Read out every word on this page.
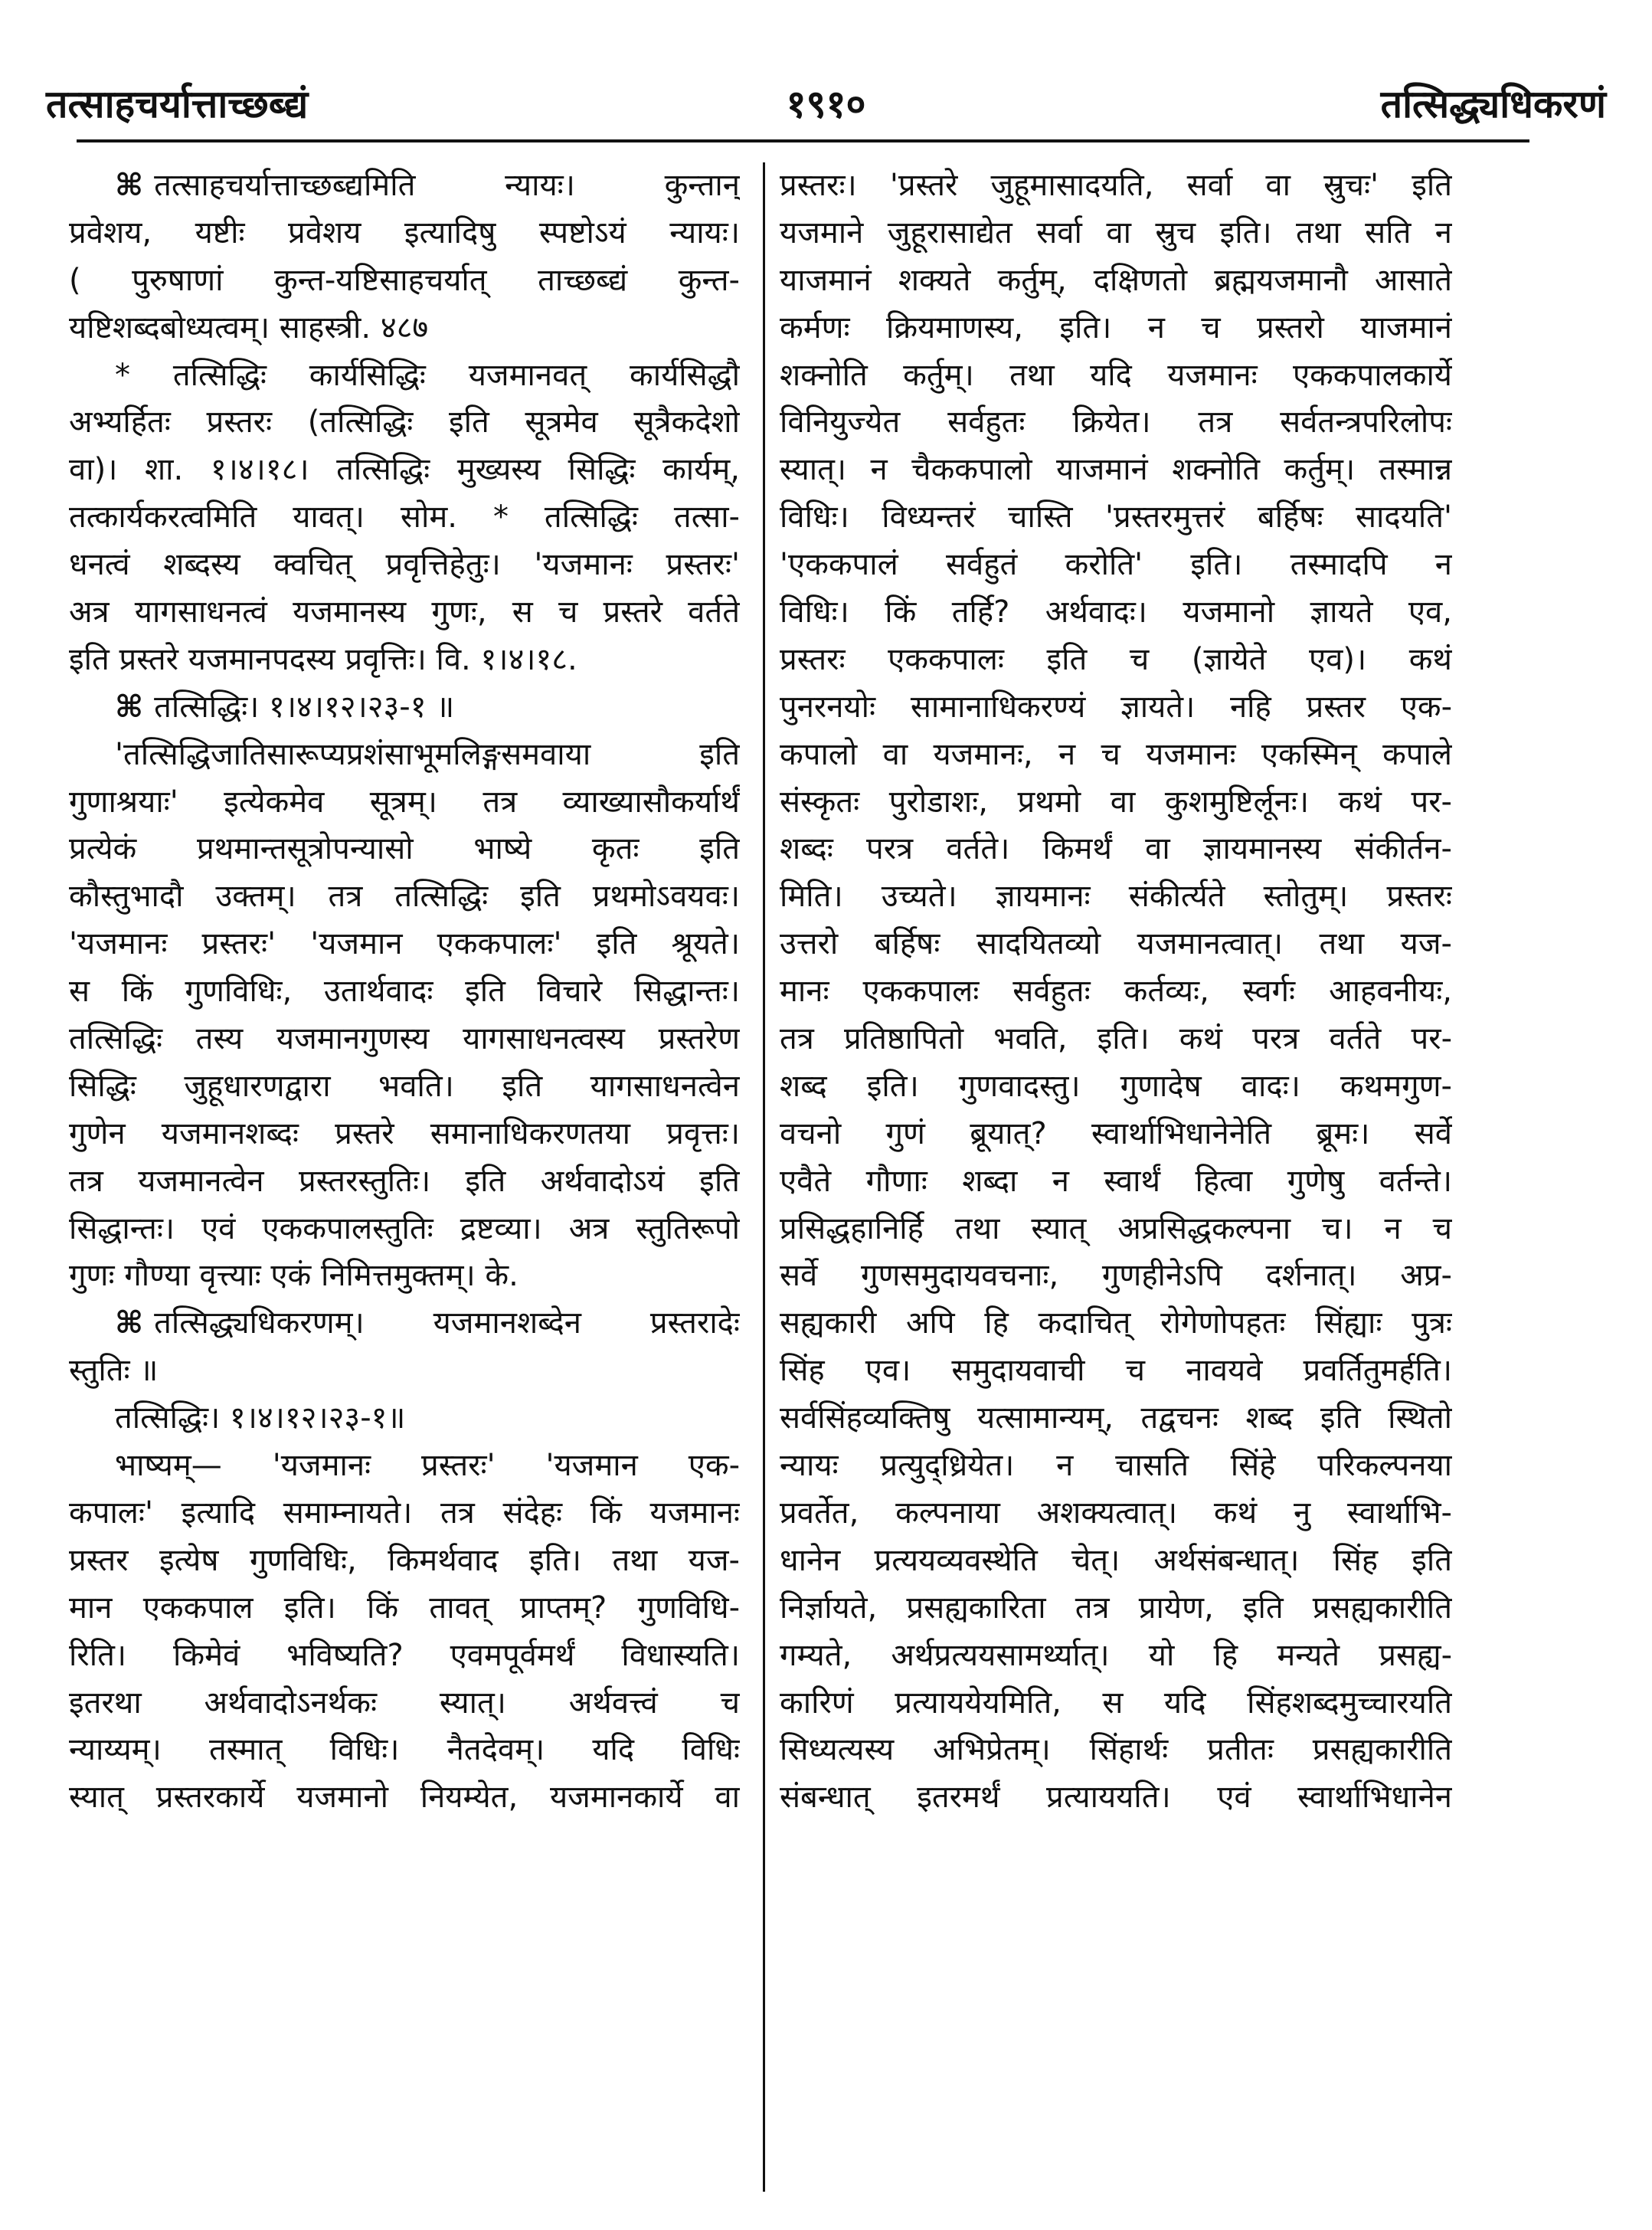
१९१०
तत्साहचर्यात्ताच्छब्द्यं	तत्सिद्ध्यधिकरणं
⌘ तत्साहचर्यात्ताच्छब्द्यमिति न्यायः। कुन्तान्
प्रवेशय, यष्टीः प्रवेशय इत्यादिषु स्पष्टोऽयं न्यायः।
( पुरुषाणां कुन्त-यष्टिसाहचर्यात् ताच्छब्द्यं कुन्त-
यष्टिशब्दबोध्यत्वम्। साहस्त्री. ४८७
* तत्सिद्धिः कार्यसिद्धिः यजमानवत् कार्यसिद्धौ
अभ्यर्हितः प्रस्तरः (तत्सिद्धिः इति सूत्रमेव सूत्रैकदेशो
वा)। शा. १।४।१८। तत्सिद्धिः मुख्यस्य सिद्धिः कार्यम्,
तत्कार्यकरत्वमिति यावत्। सोम. * तत्सिद्धिः तत्सा-
धनत्वं शब्दस्य क्वचित् प्रवृत्तिहेतुः। 'यजमानः प्रस्तरः'
अत्र यागसाधनत्वं यजमानस्य गुणः, स च प्रस्तरे वर्तते
इति प्रस्तरे यजमानपदस्य प्रवृत्तिः। वि. १।४।१८.
⌘ तत्सिद्धिः। १।४।१२।२३-१ ॥
'तत्सिद्धिजातिसारूप्यप्रशंसाभूमलिङ्गसमवाया इति
गुणाश्रयाः' इत्येकमेव सूत्रम्। तत्र व्याख्यासौकर्यार्थं
प्रत्येकं प्रथमान्तसूत्रोपन्यासो भाष्ये कृतः इति
कौस्तुभादौ उक्तम्। तत्र तत्सिद्धिः इति प्रथमोऽवयवः।
'यजमानः प्रस्तरः' 'यजमान एककपालः' इति श्रूयते।
स किं गुणविधिः, उतार्थवादः इति विचारे सिद्धान्तः।
तत्सिद्धिः तस्य यजमानगुणस्य यागसाधनत्वस्य प्रस्तरेण
सिद्धिः जुहूधारणद्वारा भवति। इति यागसाधनत्वेन
गुणेन यजमानशब्दः प्रस्तरे समानाधिकरणतया प्रवृत्तः।
तत्र यजमानत्वेन प्रस्तरस्तुतिः। इति अर्थवादोऽयं इति
सिद्धान्तः। एवं एककपालस्तुतिः द्रष्टव्या। अत्र स्तुतिरूपो
गुणः गौण्या वृत्त्याः एकं निमित्तमुक्तम्। के.
⌘ तत्सिद्ध्यधिकरणम्। यजमानशब्देन प्रस्तरादेः
स्तुतिः ॥
तत्सिद्धिः। १।४।१२।२३-१॥
भाष्यम्— 'यजमानः प्रस्तरः' 'यजमान एक-
कपालः' इत्यादि समाम्नायते। तत्र संदेहः किं यजमानः
प्रस्तर इत्येष गुणविधिः, किमर्थवाद इति। तथा यज-
मान एककपाल इति। किं तावत् प्राप्तम्? गुणविधि-
रिति। किमेवं भविष्यति? एवमपूर्वमर्थं विधास्यति।
इतरथा अर्थवादोऽनर्थकः स्यात्। अर्थवत्त्वं च
न्याय्यम्। तस्मात् विधिः। नैतदेवम्। यदि विधिः
स्यात् प्रस्तरकार्ये यजमानो नियम्येत, यजमानकार्ये वा
प्रस्तरः। 'प्रस्तरे जुहूमासादयति, सर्वा वा स्रुचः' इति
यजमाने जुहूरासाद्येत सर्वा वा स्रुच इति। तथा सति न
याजमानं शक्यते कर्तुम्, दक्षिणतो ब्रह्मयजमानौ आसाते
कर्मणः क्रियमाणस्य, इति। न च प्रस्तरो याजमानं
शक्नोति कर्तुम्। तथा यदि यजमानः एककपालकार्ये
विनियुज्येत सर्वहुतः क्रियेत। तत्र सर्वतन्त्रपरिलोपः
स्यात्। न चैककपालो याजमानं शक्नोति कर्तुम्। तस्मान्न
विधिः। विध्यन्तरं चास्ति 'प्रस्तरमुत्तरं बर्हिषः सादयति'
'एककपालं सर्वहुतं करोति' इति। तस्मादपि न
विधिः। किं तर्हि? अर्थवादः। यजमानो ज्ञायते एव,
प्रस्तरः एककपालः इति च (ज्ञायेते एव)। कथं
पुनरनयोः सामानाधिकरण्यं ज्ञायते। नहि प्रस्तर एक-
कपालो वा यजमानः, न च यजमानः एकस्मिन् कपाले
संस्कृतः पुरोडाशः, प्रथमो वा कुशमुष्टिर्लूनः। कथं पर-
शब्दः परत्र वर्तते। किमर्थं वा ज्ञायमानस्य संकीर्तन-
मिति। उच्यते। ज्ञायमानः संकीर्त्यते स्तोतुम्। प्रस्तरः
उत्तरो बर्हिषः सादयितव्यो यजमानत्वात्। तथा यज-
मानः एककपालः सर्वहुतः कर्तव्यः, स्वर्गः आहवनीयः,
तत्र प्रतिष्ठापितो भवति, इति। कथं परत्र वर्तते पर-
शब्द इति। गुणवादस्तु। गुणादेष वादः। कथमगुण-
वचनो गुणं ब्रूयात्? स्वार्थाभिधानेनेति ब्रूमः। सर्वे
एवैते गौणाः शब्दा न स्वार्थं हित्वा गुणेषु वर्तन्ते।
प्रसिद्धहानिर्हि तथा स्यात् अप्रसिद्धकल्पना च। न च
सर्वे गुणसमुदायवचनाः, गुणहीनेऽपि दर्शनात्। अप्र-
सह्यकारी अपि हि कदाचित् रोगेणोपहतः सिंह्याः पुत्रः
सिंह एव। समुदायवाची च नावयवे प्रवर्तितुमर्हति।
सर्वसिंहव्यक्तिषु यत्सामान्यम्, तद्वचनः शब्द इति स्थितो
न्यायः प्रत्युद्ध्रियेत। न चासति सिंहे परिकल्पनया
प्रवर्तेत, कल्पनाया अशक्यत्वात्। कथं नु स्वार्थाभि-
धानेन प्रत्ययव्यवस्थेति चेत्। अर्थसंबन्धात्। सिंह इति
निर्ज्ञायते, प्रसह्यकारिता तत्र प्रायेण, इति प्रसह्यकारीति
गम्यते, अर्थप्रत्ययसामर्थ्यात्। यो हि मन्यते प्रसह्य-
कारिणं प्रत्याययेयमिति, स यदि सिंहशब्दमुच्चारयति
सिध्यत्यस्य अभिप्रेतम्। सिंहार्थः प्रतीतः प्रसह्यकारीति
संबन्धात् इतरमर्थं प्रत्याययति। एवं स्वार्थाभिधानेन
